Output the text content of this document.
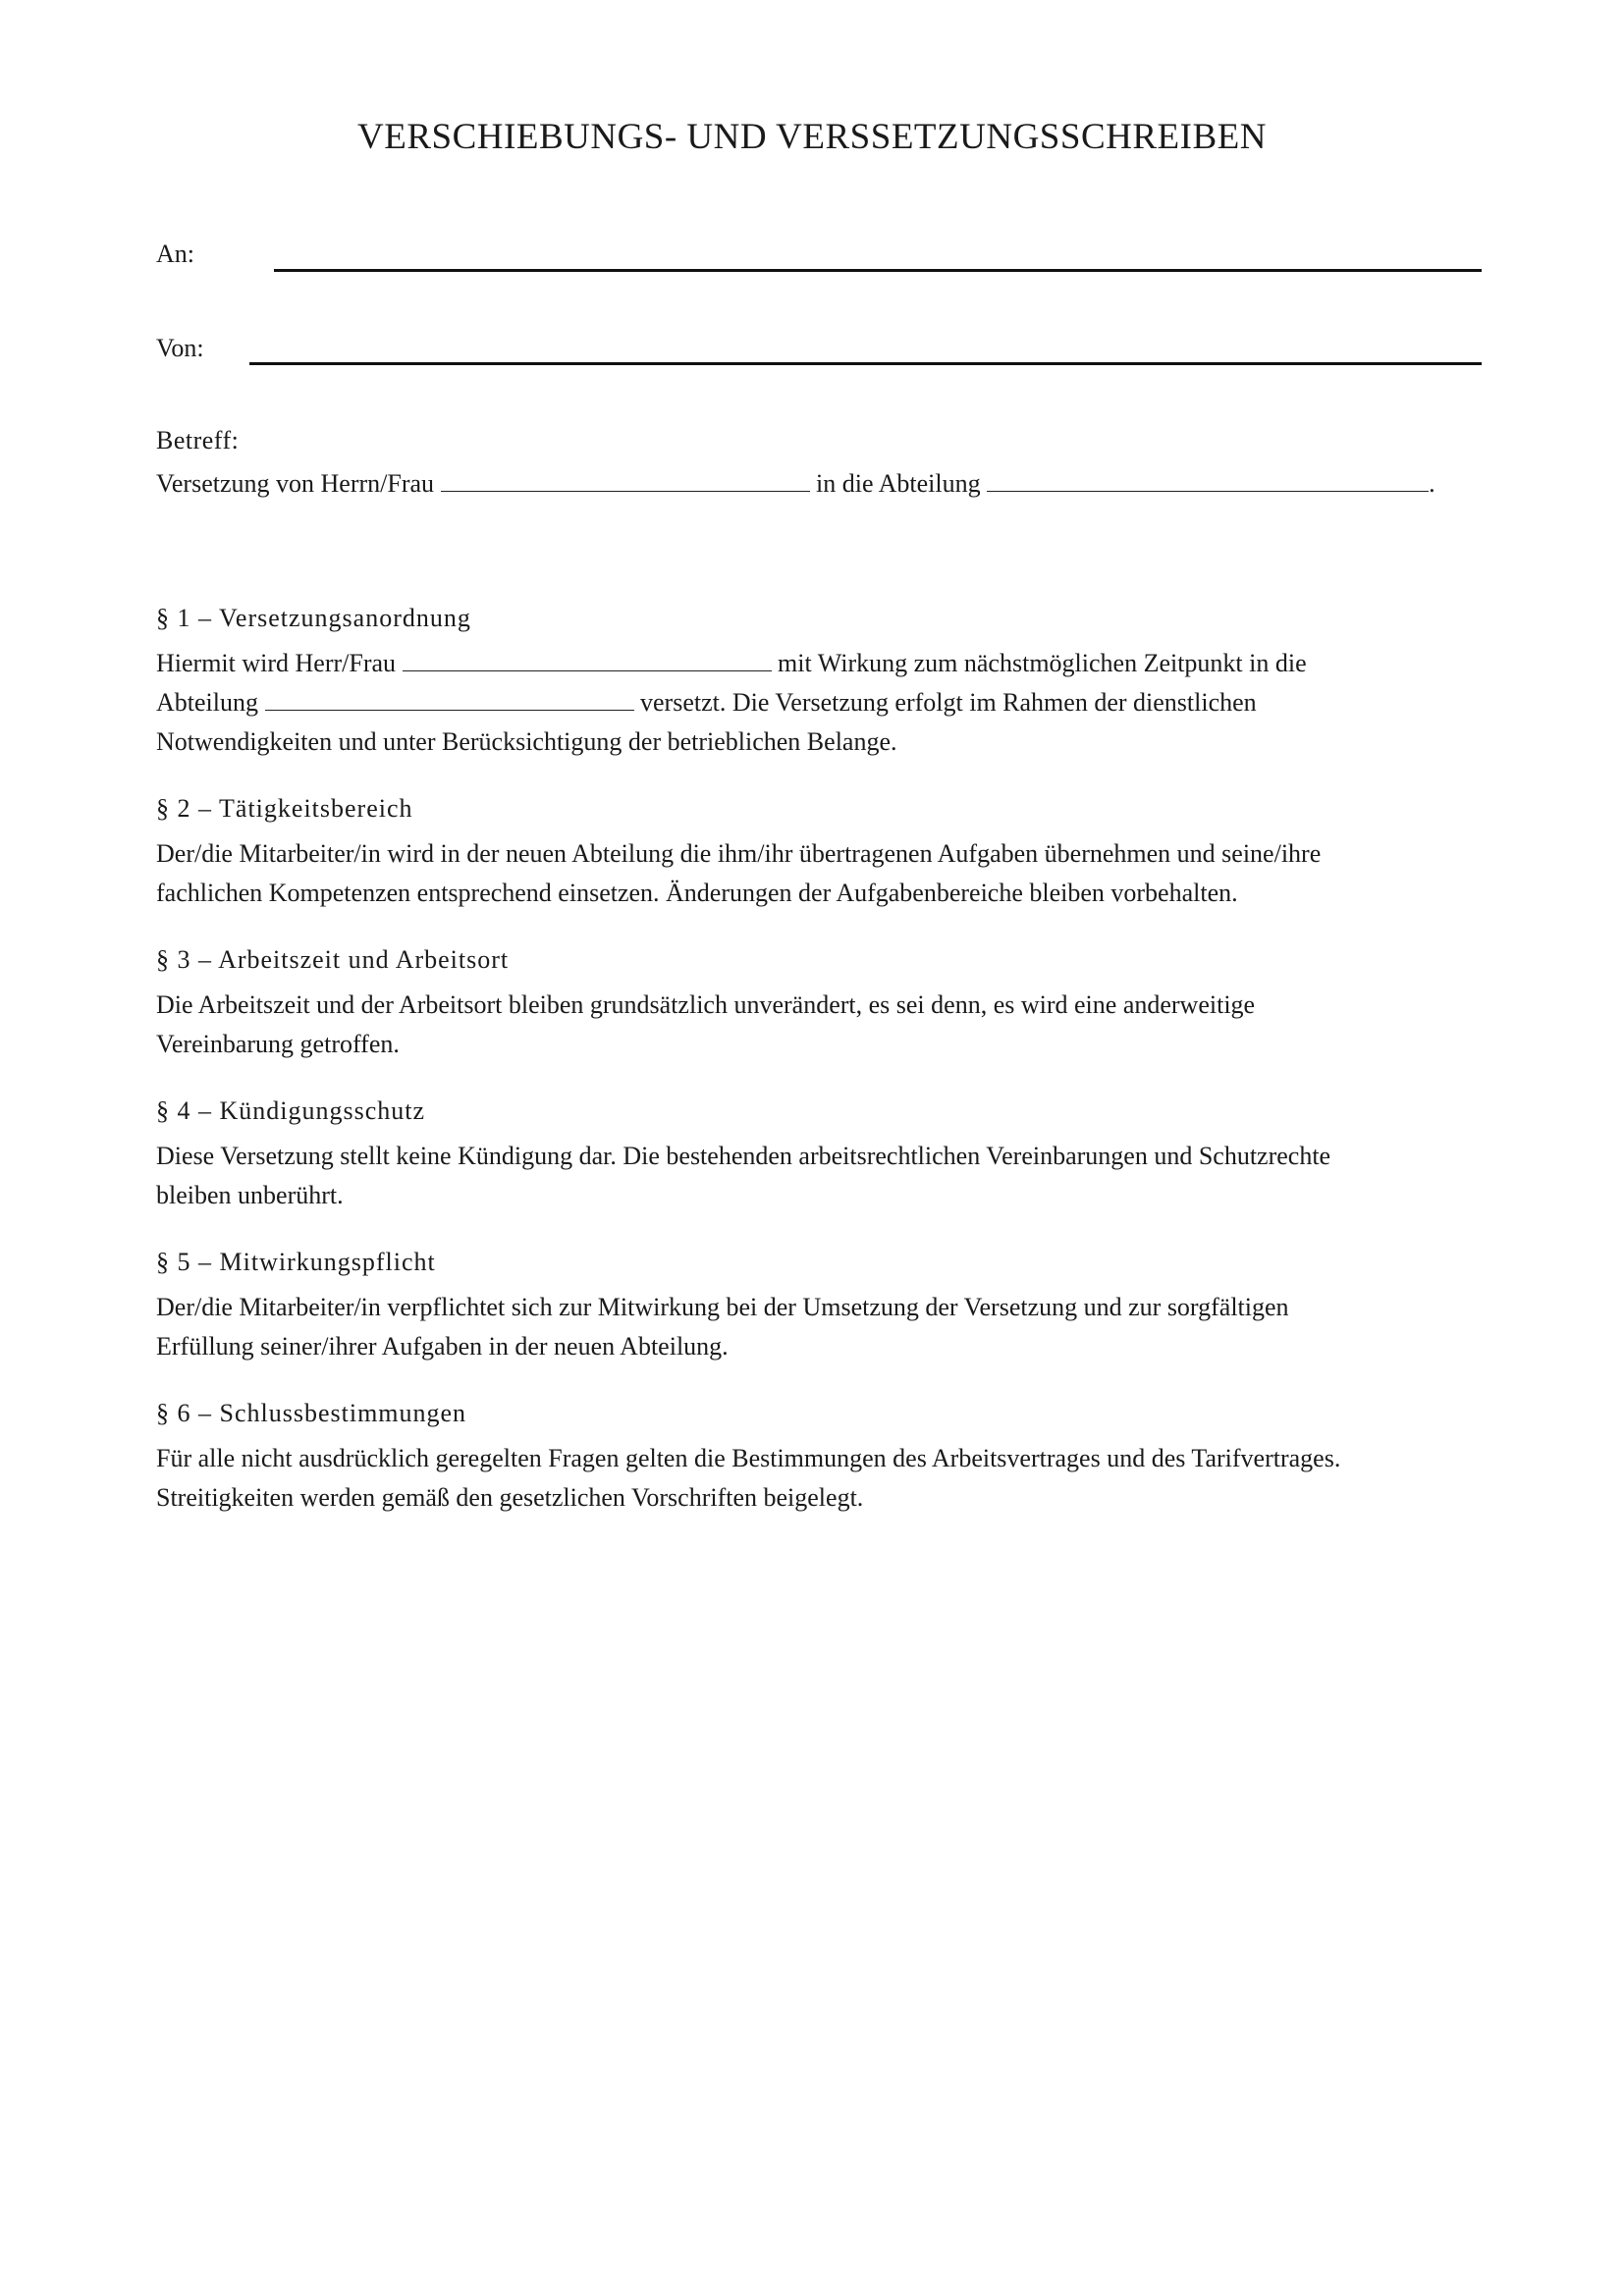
VERSCHIEBUNGS- UND VERSSETZUNGSSCHREIBEN
An:
Von:
Betreff:
Versetzung von Herrn/Frau	in die Abteilung	.
§ 1 – Versetzungsanordnung

Hiermit wird Herr/Frau	mit Wirkung zum nächstmöglichen Zeitpunkt in die
Abteilung	versetzt. Die Versetzung erfolgt im Rahmen der dienstlichen
Notwendigkeiten und unter Berücksichtigung der betrieblichen Belange.

§ 2 – Tätigkeitsbereich

Der/die Mitarbeiter/in wird in der neuen Abteilung die ihm/ihr übertragenen Aufgaben übernehmen und seine/ihre
fachlichen Kompetenzen entsprechend einsetzen. Änderungen der Aufgabenbereiche bleiben vorbehalten.

§ 3 – Arbeitszeit und Arbeitsort

Die Arbeitszeit und der Arbeitsort bleiben grundsätzlich unverändert, es sei denn, es wird eine anderweitige
Vereinbarung getroffen.

§ 4 – Kündigungsschutz

Diese Versetzung stellt keine Kündigung dar. Die bestehenden arbeitsrechtlichen Vereinbarungen und Schutzrechte
bleiben unberührt.

§ 5 – Mitwirkungspflicht

Der/die Mitarbeiter/in verpflichtet sich zur Mitwirkung bei der Umsetzung der Versetzung und zur sorgfältigen
Erfüllung seiner/ihrer Aufgaben in der neuen Abteilung.

§ 6 – Schlussbestimmungen

Für alle nicht ausdrücklich geregelten Fragen gelten die Bestimmungen des Arbeitsvertrages und des Tarifvertrages.
Streitigkeiten werden gemäß den gesetzlichen Vorschriften beigelegt.
